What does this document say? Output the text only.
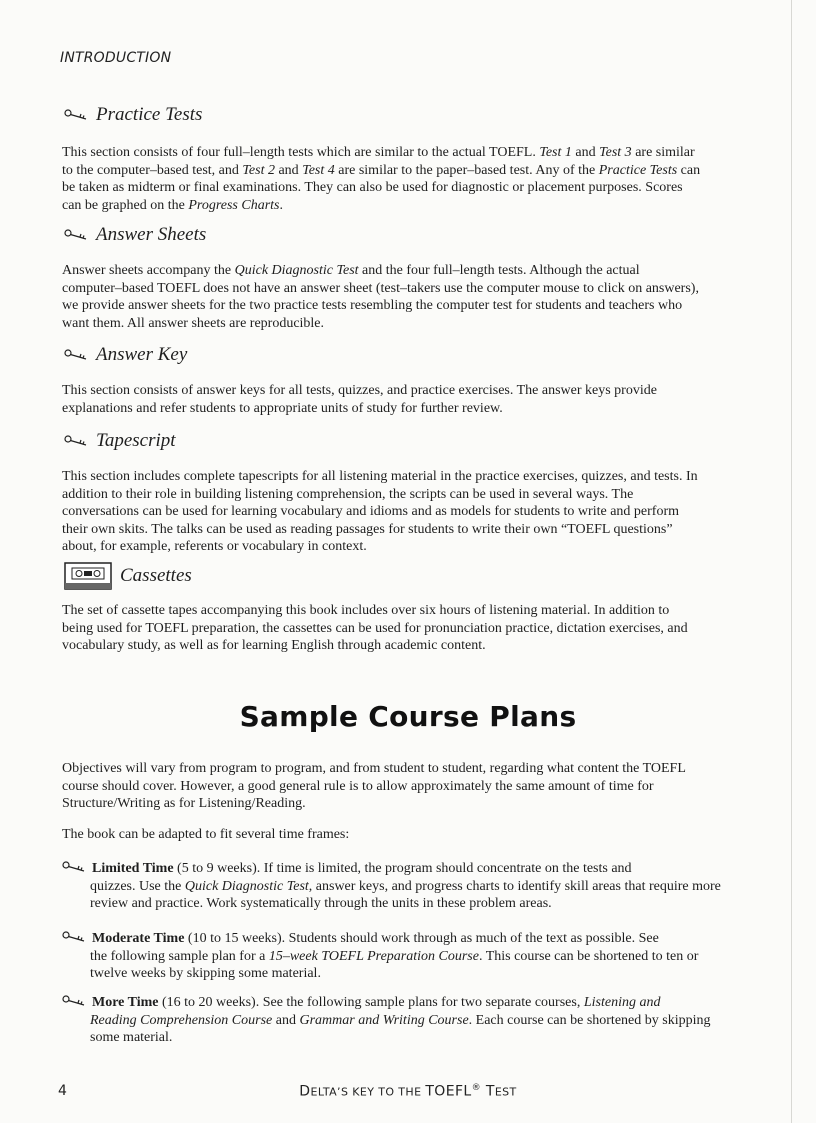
INTRODUCTION
Practice Tests
This section consists of four full–length tests which are similar to the actual TOEFL. Test 1 and Test 3 are similar to the computer–based test, and Test 2 and Test 4 are similar to the paper–based test. Any of the Practice Tests can be taken as midterm or final examinations. They can also be used for diagnostic or placement purposes. Scores can be graphed on the Progress Charts.
Answer Sheets
Answer sheets accompany the Quick Diagnostic Test and the four full–length tests. Although the actual computer–based TOEFL does not have an answer sheet (test–takers use the computer mouse to click on answers), we provide answer sheets for the two practice tests resembling the computer test for students and teachers who want them. All answer sheets are reproducible.
Answer Key
This section consists of answer keys for all tests, quizzes, and practice exercises. The answer keys provide explanations and refer students to appropriate units of study for further review.
Tapescript
This section includes complete tapescripts for all listening material in the practice exercises, quizzes, and tests. In addition to their role in building listening comprehension, the scripts can be used in several ways. The conversations can be used for learning vocabulary and idioms and as models for students to write and perform their own skits. The talks can be used as reading passages for students to write their own “TOEFL questions” about, for example, referents or vocabulary in context.
Cassettes
The set of cassette tapes accompanying this book includes over six hours of listening material. In addition to being used for TOEFL preparation, the cassettes can be used for pronunciation practice, dictation exercises, and vocabulary study, as well as for learning English through academic content.
Sample Course Plans
Objectives will vary from program to program, and from student to student, regarding what content the TOEFL course should cover. However, a good general rule is to allow approximately the same amount of time for Structure/Writing as for Listening/Reading.
The book can be adapted to fit several time frames:
Limited Time (5 to 9 weeks). If time is limited, the program should concentrate on the tests and
quizzes. Use the Quick Diagnostic Test, answer keys, and progress charts to identify skill areas that require more review and practice. Work systematically through the units in these problem areas.
Moderate Time (10 to 15 weeks). Students should work through as much of the text as possible. See
the following sample plan for a 15–week TOEFL Preparation Course. This course can be shortened to ten or twelve weeks by skipping some material.
More Time (16 to 20 weeks). See the following sample plans for two separate courses, Listening and
Reading Comprehension Course and Grammar and Writing Course. Each course can be shortened by skipping some material.
4	DELTA’S KEY TO THE TOEFL® TEST
